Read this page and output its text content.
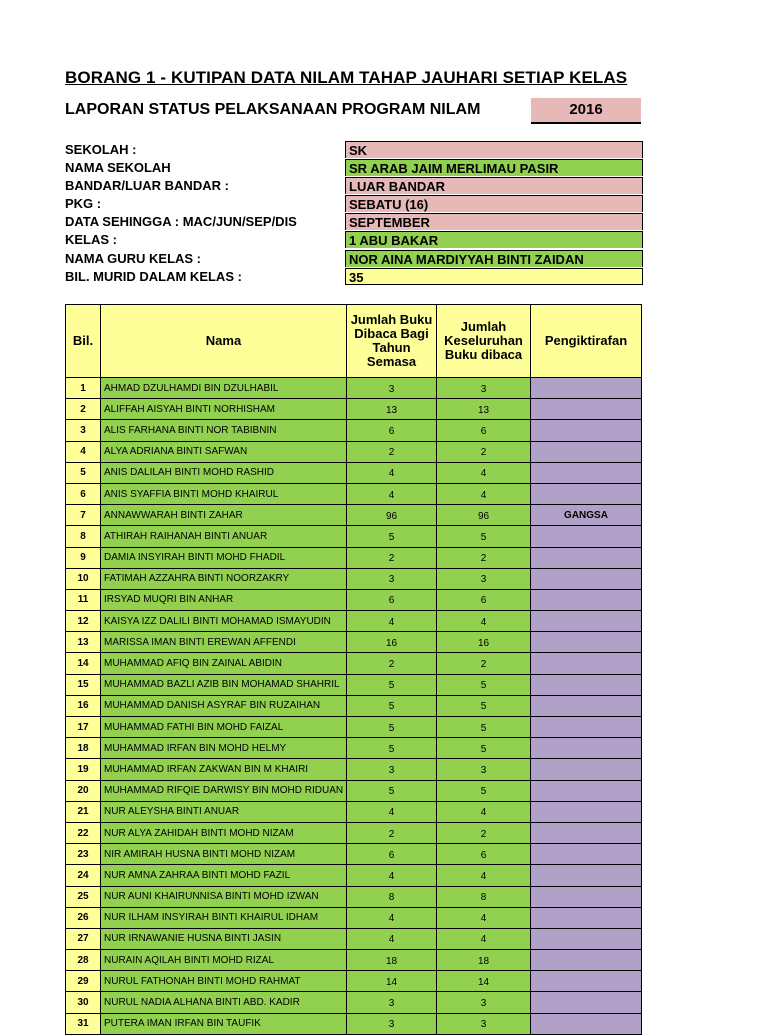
BORANG 1 - KUTIPAN DATA NILAM TAHAP JAUHARI SETIAP KELAS
LAPORAN STATUS PELAKSANAAN PROGRAM NILAM	2016
SEKOLAH :	SK
NAMA SEKOLAH	SR ARAB JAIM MERLIMAU PASIR
BANDAR/LUAR BANDAR :	LUAR BANDAR
PKG :	SEBATU (16)
DATA SEHINGGA : MAC/JUN/SEP/DIS	SEPTEMBER
KELAS :	1 ABU BAKAR
NAMA GURU KELAS :	NOR AINA MARDIYYAH BINTI ZAIDAN
BIL. MURID DALAM KELAS :	35
Bil.	Nama	Jumlah Buku Dibaca Bagi Tahun Semasa	Jumlah Keseluruhan Buku dibaca	Pengiktirafan
1	AHMAD DZULHAMDI BIN DZULHABIL	3	3	
2	ALIFFAH AISYAH BINTI NORHISHAM	13	13	
3	ALIS FARHANA BINTI NOR TABIBNIN	6	6	
4	ALYA ADRIANA BINTI SAFWAN	2	2	
5	ANIS DALILAH BINTI MOHD RASHID	4	4	
6	ANIS SYAFFIA BINTI MOHD KHAIRUL	4	4	
7	ANNAWWARAH BINTI ZAHAR	96	96	GANGSA
8	ATHIRAH RAIHANAH BINTI ANUAR	5	5	
9	DAMIA INSYIRAH BINTI MOHD FHADIL	2	2	
10	FATIMAH AZZAHRA BINTI NOORZAKRY	3	3	
11	IRSYAD MUQRI BIN ANHAR	6	6	
12	KAISYA IZZ DALILI BINTI MOHAMAD ISMAYUDIN	4	4	
13	MARISSA IMAN BINTI EREWAN AFFENDI	16	16	
14	MUHAMMAD AFIQ BIN ZAINAL ABIDIN	2	2	
15	MUHAMMAD BAZLI AZIB BIN MOHAMAD SHAHRIL	5	5	
16	MUHAMMAD DANISH ASYRAF BIN RUZAIHAN	5	5	
17	MUHAMMAD FATHI BIN MOHD FAIZAL	5	5	
18	MUHAMMAD IRFAN BIN MOHD HELMY	5	5	
19	MUHAMMAD IRFAN ZAKWAN BIN M KHAIRI	3	3	
20	MUHAMMAD RIFQIE DARWISY BIN MOHD RIDUAN	5	5	
21	NUR ALEYSHA BINTI ANUAR	4	4	
22	NUR ALYA ZAHIDAH BINTI MOHD NIZAM	2	2	
23	NIR AMIRAH HUSNA BINTI MOHD NIZAM	6	6	
24	NUR AMNA ZAHRAA BINTI MOHD FAZIL	4	4	
25	NUR AUNI KHAIRUNNISA BINTI MOHD IZWAN	8	8	
26	NUR ILHAM INSYIRAH BINTI KHAIRUL IDHAM	4	4	
27	NUR IRNAWANIE HUSNA BINTI JASIN	4	4	
28	NURAIN AQILAH BINTI MOHD RIZAL	18	18	
29	NURUL FATHONAH BINTI MOHD RAHMAT	14	14	
30	NURUL NADIA ALHANA BINTI ABD. KADIR	3	3	
31	PUTERA IMAN IRFAN BIN TAUFIK	3	3	
